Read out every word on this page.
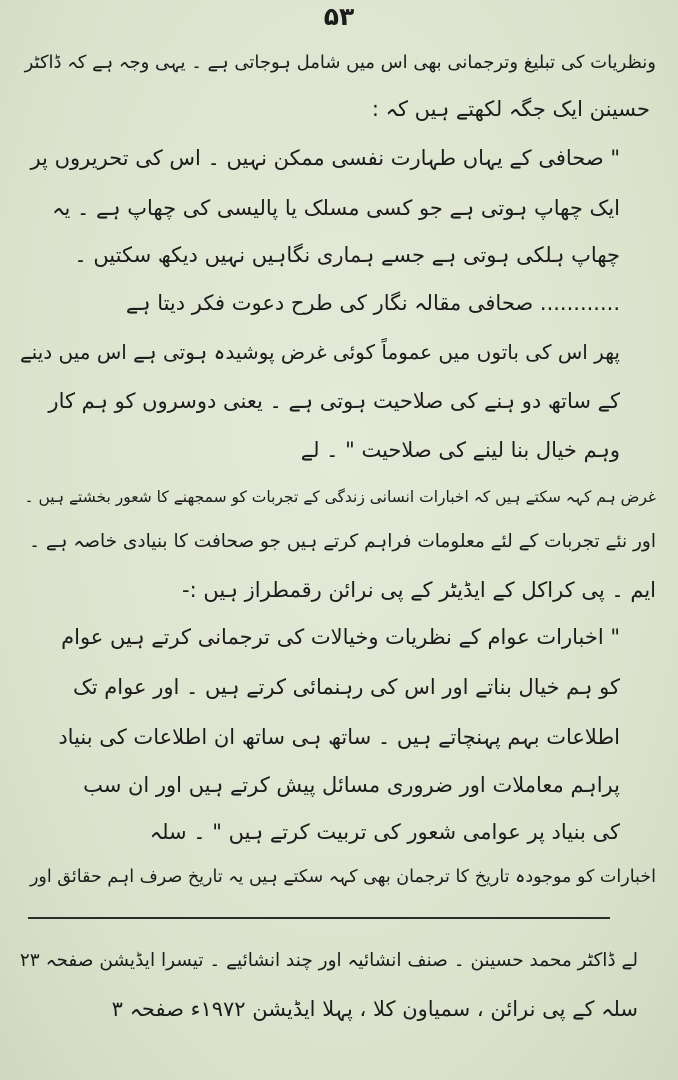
۵۳
ونظریات کی تبلیغ وترجمانی بھی اس میں شامل ہوجاتی ہے ۔ یہی وجہ ہے کہ ڈاکٹر
حسینن ایک جگہ لکھتے ہیں کہ :
" صحافی کے یہاں طہارت نفسی ممکن نہیں ۔ اس کی تحریروں پر
ایک چھاپ ہوتی ہے جو کسی مسلک یا پالیسی کی چھاپ ہے ۔ یہ
چھاپ ہلکی ہوتی ہے جسے ہماری نگاہیں نہیں دیکھ سکتیں ۔
............ صحافی مقالہ نگار کی طرح دعوت فکر دیتا ہے
پھر اس کی باتوں میں عموماً کوئی غرض پوشیدہ ہوتی ہے اس میں دینے
کے ساتھ دو ہنے کی صلاحیت ہوتی ہے ۔ یعنی دوسروں کو ہم کار
وہم خیال بنا لینے کی صلاحیت " ۔ لے
غرض ہم کہہ سکتے ہیں کہ اخبارات انسانی زندگی کے تجربات کو سمجھنے کا شعور بخشتے ہیں ۔
اور نئے تجربات کے لئے معلومات فراہم کرتے ہیں جو صحافت کا بنیادی خاصہ ہے ۔
ایم ۔ پی کراکل کے ایڈیٹر کے پی نرائن رقمطراز ہیں :-
" اخبارات عوام کے نظریات وخیالات کی ترجمانی کرتے ہیں عوام
کو ہم خیال بناتے اور اس کی رہنمائی کرتے ہیں ۔ اور عوام تک
اطلاعات بہم پہنچاتے ہیں ۔ ساتھ ہی ساتھ ان اطلاعات کی بنیاد
پراہم معاملات اور ضروری مسائل پیش کرتے ہیں اور ان سب
کی بنیاد پر عوامی شعور کی تربیت کرتے ہیں " ۔ سلہ
اخبارات کو موجودہ تاریخ کا ترجمان بھی کہہ سکتے ہیں یہ تاریخ صرف اہم حقائق اور
لے ڈاکٹر محمد حسینن ۔ صنف انشائیہ اور چند انشائیے ۔ تیسرا ایڈیشن صفحہ ۲۳
سلہ کے پی نرائن ، سمیاون کلا ، پہلا ایڈیشن ۱۹۷۲ء صفحہ ۳
